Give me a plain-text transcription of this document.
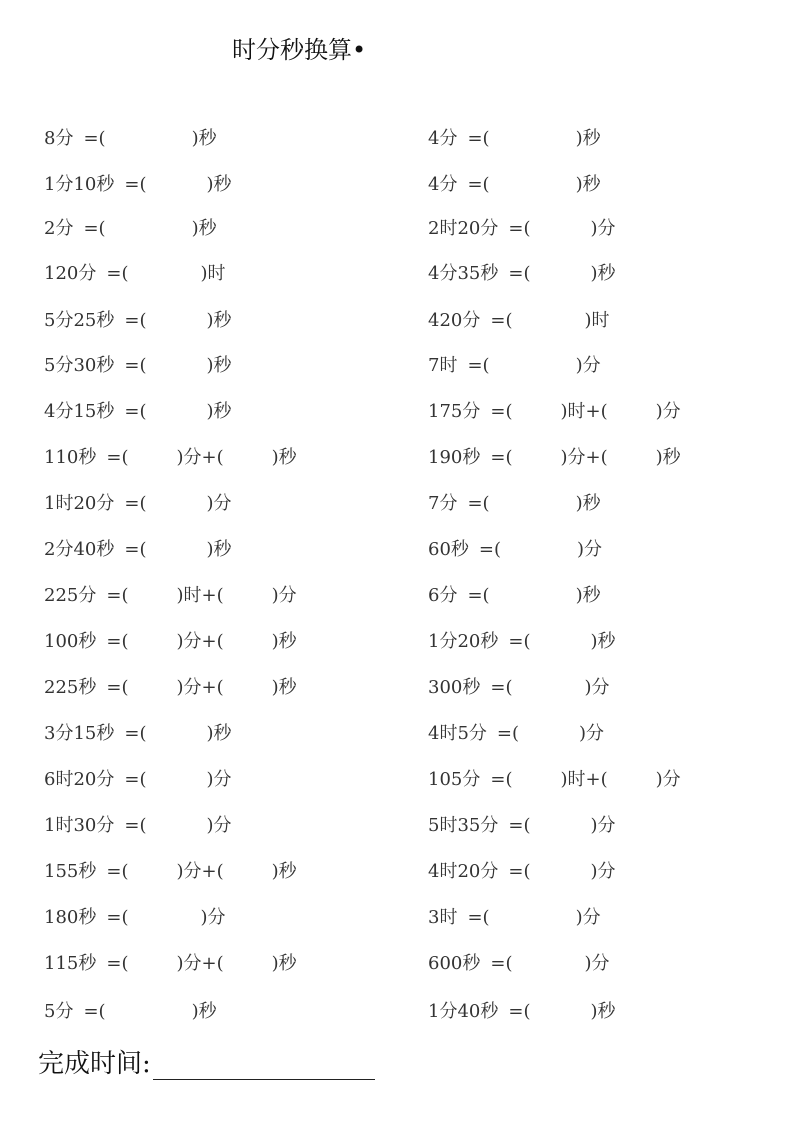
时分秒换算•
8分 =(	)秒
1分10秒 =(	)秒
2分 =(	)秒
120分 =(	)时
5分25秒 =(	)秒
5分30秒 =(	)秒
4分15秒 =(	)秒
110秒 =(	)分+(	)秒
1时20分 =(	)分
2分40秒 =(	)秒
225分 =(	)时+(	)分
100秒 =(	)分+(	)秒
225秒 =(	)分+(	)秒
3分15秒 =(	)秒
6时20分 =(	)分
1时30分 =(	)分
155秒 =(	)分+(	)秒
180秒 =(	)分
115秒 =(	)分+(	)秒
5分 =(	)秒
4分 =(	)秒
4分 =(	)秒
2时20分 =(	)分
4分35秒 =(	)秒
420分 =(	)时
7时 =(	)分
175分 =(	)时+(	)分
190秒 =(	)分+(	)秒
7分 =(	)秒
60秒 =(	)分
6分 =(	)秒
1分20秒 =(	)秒
300秒 =(	)分
4时5分 =(	)分
105分 =(	)时+(	)分
5时35分 =(	)分
4时20分 =(	)分
3时 =(	)分
600秒 =(	)分
1分40秒 =(	)秒
完成时间:
